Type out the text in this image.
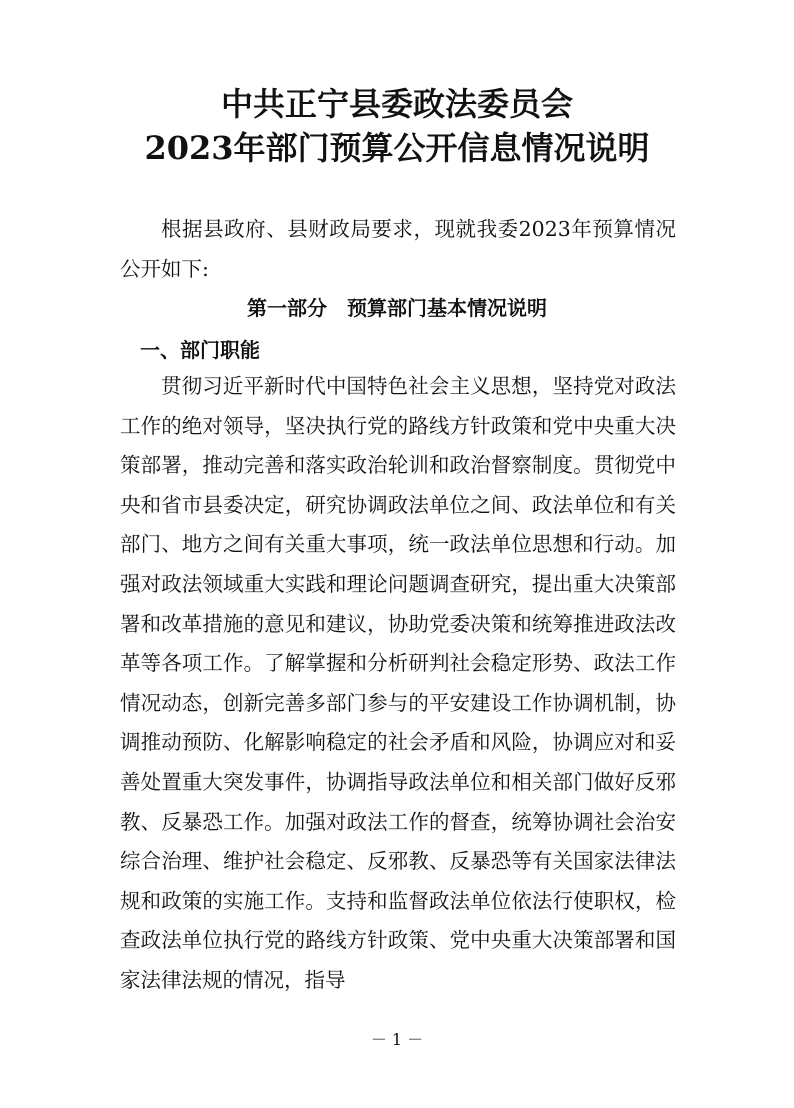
中共正宁县委政法委员会
2023年部门预算公开信息情况说明

根据县政府、县财政局要求，现就我委2023年预算情况公开如下:

第一部分　预算部门基本情况说明
一、部门职能

贯彻习近平新时代中国特色社会主义思想，坚持党对政法工作的绝对领导，坚决执行党的路线方针政策和党中央重大决策部署，推动完善和落实政治轮训和政治督察制度。贯彻党中央和省市县委决定，研究协调政法单位之间、政法单位和有关部门、地方之间有关重大事项，统一政法单位思想和行动。加强对政法领域重大实践和理论问题调查研究，提出重大决策部署和改革措施的意见和建议，协助党委决策和统筹推进政法改革等各项工作。了解掌握和分析研判社会稳定形势、政法工作情况动态，创新完善多部门参与的平安建设工作协调机制，协调推动预防、化解影响稳定的社会矛盾和风险，协调应对和妥善处置重大突发事件，协调指导政法单位和相关部门做好反邪教、反暴恐工作。加强对政法工作的督查，统筹协调社会治安综合治理、维护社会稳定、反邪教、反暴恐等有关国家法律法规和政策的实施工作。支持和监督政法单位依法行使职权，检查政法单位执行党的路线方针政策、党中央重大决策部署和国家法律法规的情况，指导

－ 1 －
